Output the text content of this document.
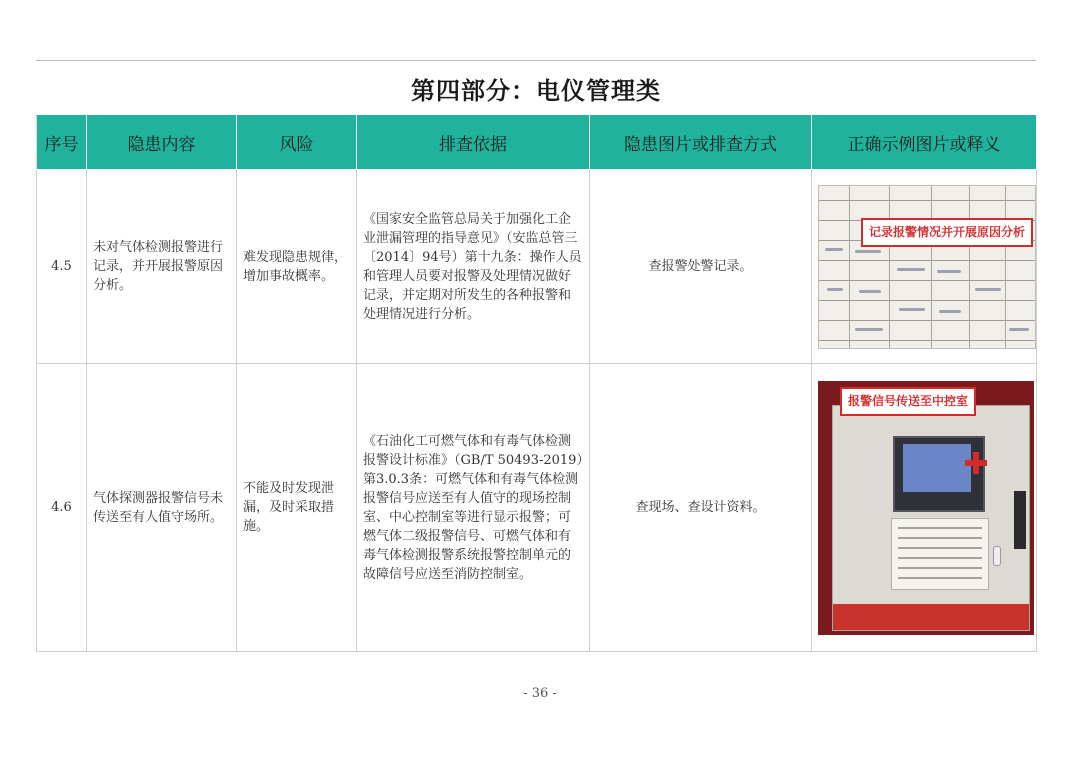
第四部分：电仪管理类
序号	隐患内容	风险	排查依据	隐患图片或排查方式	正确示例图片或释义
4.5	未对气体检测报警进行记录，并开展报警原因分析。	难发现隐患规律，增加事故概率。	《国家安全监管总局关于加强化工企业泄漏管理的指导意见》（安监总管三〔2014〕94号）第十九条：操作人员和管理人员要对报警及处理情况做好记录，并定期对所发生的各种报警和处理情况进行分析。	查报警处警记录。	记录报警情况并开展原因分析

4.6	气体探测器报警信号未传送至有人值守场所。	不能及时发现泄漏，及时采取措施。	《石油化工可燃气体和有毒气体检测报警设计标准》（GB/T 50493-2019）第3.0.3条：可燃气体和有毒气体检测报警信号应送至有人值守的现场控制室、中心控制室等进行显示报警；可燃气体二级报警信号、可燃气体和有毒气体检测报警系统报警控制单元的故障信号应送至消防控制室。	查现场、查设计资料。	报警信号传送至中控室
- 36 -
